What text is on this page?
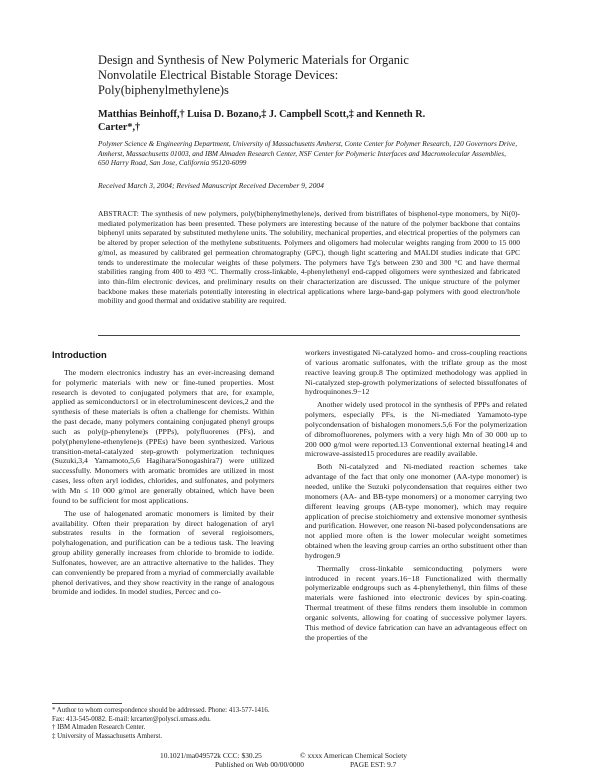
Design and Synthesis of New Polymeric Materials for Organic Nonvolatile Electrical Bistable Storage Devices: Poly(biphenylmethylene)s
Matthias Beinhoff,† Luisa D. Bozano,‡ J. Campbell Scott,‡ and Kenneth R. Carter*,†
Polymer Science & Engineering Department, University of Massachusetts Amherst, Conte Center for Polymer Research, 120 Governors Drive, Amherst, Massachusetts 01003, and IBM Almaden Research Center, NSF Center for Polymeric Interfaces and Macromolecular Assemblies, 650 Harry Road, San Jose, California 95120-6099
Received March 3, 2004; Revised Manuscript Received December 9, 2004
ABSTRACT: The synthesis of new polymers, poly(biphenylmethylene)s, derived from bistriflates of bisphenol-type monomers, by Ni(0)-mediated polymerization has been presented. These polymers are interesting because of the nature of the polymer backbone that contains biphenyl units separated by substituted methylene units. The solubility, mechanical properties, and electrical properties of the polymers can be altered by proper selection of the methylene substituents. Polymers and oligomers had molecular weights ranging from 2000 to 15 000 g/mol, as measured by calibrated gel permeation chromatography (GPC), though light scattering and MALDI studies indicate that GPC tends to underestimate the molecular weights of these polymers. The polymers have Tg's between 230 and 300 °C and have thermal stabilities ranging from 400 to 493 °C. Thermally cross-linkable, 4-phenylethenyl end-capped oligomers were synthesized and fabricated into thin-film electronic devices, and preliminary results on their characterization are discussed. The unique structure of the polymer backbone makes these materials potentially interesting in electrical applications where large-band-gap polymers with good electron/hole mobility and good thermal and oxidative stability are required.
Introduction

The modern electronics industry has an ever-increasing demand for polymeric materials with new or fine-tuned properties. Most research is devoted to conjugated polymers that are, for example, applied as semiconductors1 or in electroluminescent devices,2 and the synthesis of these materials is often a challenge for chemists. Within the past decade, many polymers containing conjugated phenyl groups such as poly(p-phenylene)s (PPPs), polyfluorenes (PFs), and poly(phenylene-ethenylene)s (PPEs) have been synthesized. Various transition-metal-catalyzed step-growth polymerization techniques (Suzuki,3,4 Yamamoto,5,6 Hagihara/Sonogashira7) were utilized successfully. Monomers with aromatic bromides are utilized in most cases, less often aryl iodides, chlorides, and sulfonates, and polymers with Mn ≤ 10 000 g/mol are generally obtained, which have been found to be sufficient for most applications.

The use of halogenated aromatic monomers is limited by their availability. Often their preparation by direct halogenation of aryl substrates results in the formation of several regioisomers, polyhalogenation, and purification can be a tedious task. The leaving group ability generally increases from chloride to bromide to iodide. Sulfonates, however, are an attractive alternative to the halides. They can conveniently be prepared from a myriad of commercially available phenol derivatives, and they show reactivity in the range of analogous bromide and iodides. In model studies, Percec and co-

* Author to whom correspondence should be addressed. Phone: 413-577-1416. Fax: 413-545-0082. E-mail: krcarter@polysci.umass.edu.
† IBM Almaden Research Center.
‡ University of Massachusetts Amherst.

workers investigated Ni-catalyzed homo- and cross-coupling reactions of various aromatic sulfonates, with the triflate group as the most reactive leaving group.8 The optimized methodology was applied in Ni-catalyzed step-growth polymerizations of selected bissulfonates of hydroquinones.9−12

Another widely used protocol in the synthesis of PPPs and related polymers, especially PFs, is the Ni-mediated Yamamoto-type polycondensation of bishalogen monomers.5,6 For the polymerization of dibromofluorenes, polymers with a very high Mn of 30 000 up to 200 000 g/mol were reported.13 Conventional external heating14 and microwave-assisted15 procedures are readily available.

Both Ni-catalyzed and Ni-mediated reaction schemes take advantage of the fact that only one monomer (AA-type monomer) is needed, unlike the Suzuki polycondensation that requires either two monomers (AA- and BB-type monomers) or a monomer carrying two different leaving groups (AB-type monomer), which may require application of precise stoichiometry and extensive monomer synthesis and purification. However, one reason Ni-based polycondensations are not applied more often is the lower molecular weight sometimes obtained when the leaving group carries an ortho substituent other than hydrogen.9

Thermally cross-linkable semiconducting polymers were introduced in recent years.16−18 Functionalized with thermally polymerizable endgroups such as 4-phenylethenyl, thin films of these materials were fashioned into electronic devices by spin-coating. Thermal treatment of these films renders them insoluble in common organic solvents, allowing for coating of successive polymer layers. This method of device fabrication can have an advantageous effect on the properties of the

10.1021/ma049572k CCC: $30.25	© xxxx American Chemical Society
Published on Web 00/00/0000	PAGE EST: 9.7
